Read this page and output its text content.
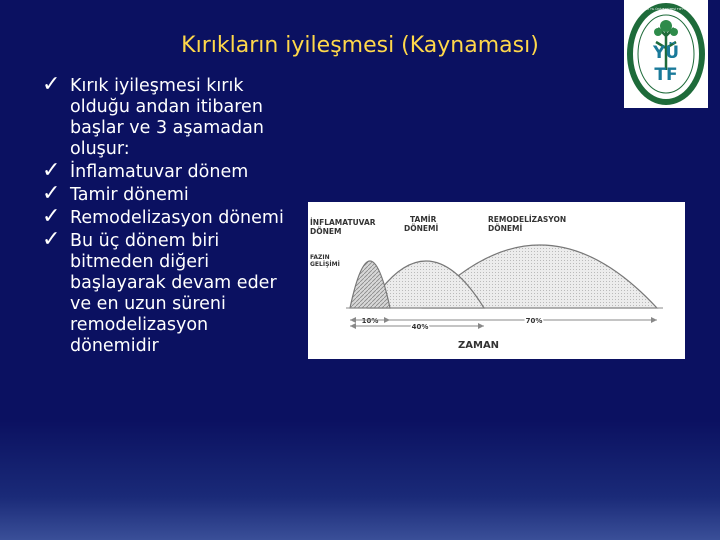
Kırıkların iyileşmesi (Kaynaması)
✓ Kırık iyileşmesi kırık olduğu andan itibaren başlar ve 3 aşamadan oluşur:
✓ İnflamatuvar dönem
✓ Tamir dönemi
✓ Remodelizasyon dönemi
✓ Bu üç dönem biri bitmeden diğeri başlayarak devam eder ve en uzun süreni remodelizasyon dönemidir
YÜZÜNCÜ YIL ÜNİVERSİTESİ TIP FAKÜLTESİ
YÜ
TF
10%
40%
70%
İNFLAMATUVAR
DÖNEM
TAMİR
DÖNEMİ
REMODELİZASYON
DÖNEMİ
FAZIN
GELİŞİMİ
ZAMAN
